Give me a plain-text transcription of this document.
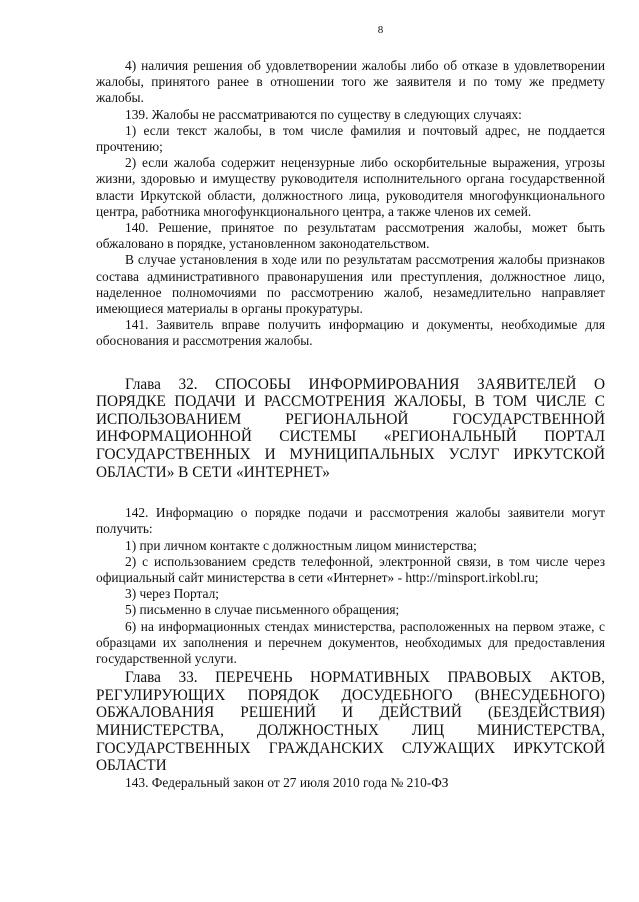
8

4) наличия решения об удовлетворении жалобы либо об отказе в удовлетворении жалобы, принятого ранее в отношении того же заявителя и по тому же предмету жалобы.

139. Жалобы не рассматриваются по существу в следующих случаях:

1) если текст жалобы, в том числе фамилия и почтовый адрес, не поддается прочтению;

2) если жалоба содержит нецензурные либо оскорбительные выражения, угрозы жизни, здоровью и имуществу руководителя исполнительного органа государственной власти Иркутской области, должностного лица, руководителя многофункционального центра, работника многофункционального центра, а также членов их семей.

140. Решение, принятое по результатам рассмотрения жалобы, может быть обжаловано в порядке, установленном законодательством.

В случае установления в ходе или по результатам рассмотрения жалобы признаков состава административного правонарушения или преступления, должностное лицо, наделенное полномочиями по рассмотрению жалоб, незамедлительно направляет имеющиеся материалы в органы прокуратуры.

141. Заявитель вправе получить информацию и документы, необходимые для обоснования и рассмотрения жалобы.

Глава 32. СПОСОБЫ ИНФОРМИРОВАНИЯ ЗАЯВИТЕЛЕЙ О ПОРЯДКЕ ПОДАЧИ И РАССМОТРЕНИЯ ЖАЛОБЫ, В ТОМ ЧИСЛЕ С ИСПОЛЬЗОВАНИЕМ РЕГИОНАЛЬНОЙ ГОСУДАРСТВЕННОЙ ИНФОРМАЦИОННОЙ СИСТЕМЫ «РЕГИОНАЛЬНЫЙ ПОРТАЛ ГОСУДАРСТВЕННЫХ И МУНИЦИПАЛЬНЫХ УСЛУГ ИРКУТСКОЙ ОБЛАСТИ» В СЕТИ «ИНТЕРНЕТ»

142. Информацию о порядке подачи и рассмотрения жалобы заявители могут получить:

1) при личном контакте с должностным лицом министерства;

2) с использованием средств телефонной, электронной связи, в том числе через официальный сайт министерства в сети «Интернет» - http://minsport.irkobl.ru;

3) через Портал;

5) письменно в случае письменного обращения;

6) на информационных стендах министерства, расположенных на первом этаже, с образцами их заполнения и перечнем документов, необходимых для предоставления государственной услуги.

Глава 33. ПЕРЕЧЕНЬ НОРМАТИВНЫХ ПРАВОВЫХ АКТОВ, РЕГУЛИРУЮЩИХ ПОРЯДОК ДОСУДЕБНОГО (ВНЕСУДЕБНОГО) ОБЖАЛОВАНИЯ РЕШЕНИЙ И ДЕЙСТВИЙ (БЕЗДЕЙСТВИЯ) МИНИСТЕРСТВА, ДОЛЖНОСТНЫХ ЛИЦ МИНИСТЕРСТВА, ГОСУДАРСТВЕННЫХ ГРАЖДАНСКИХ СЛУЖАЩИХ ИРКУТСКОЙ ОБЛАСТИ

143. Федеральный закон от 27 июля 2010 года № 210-ФЗ
